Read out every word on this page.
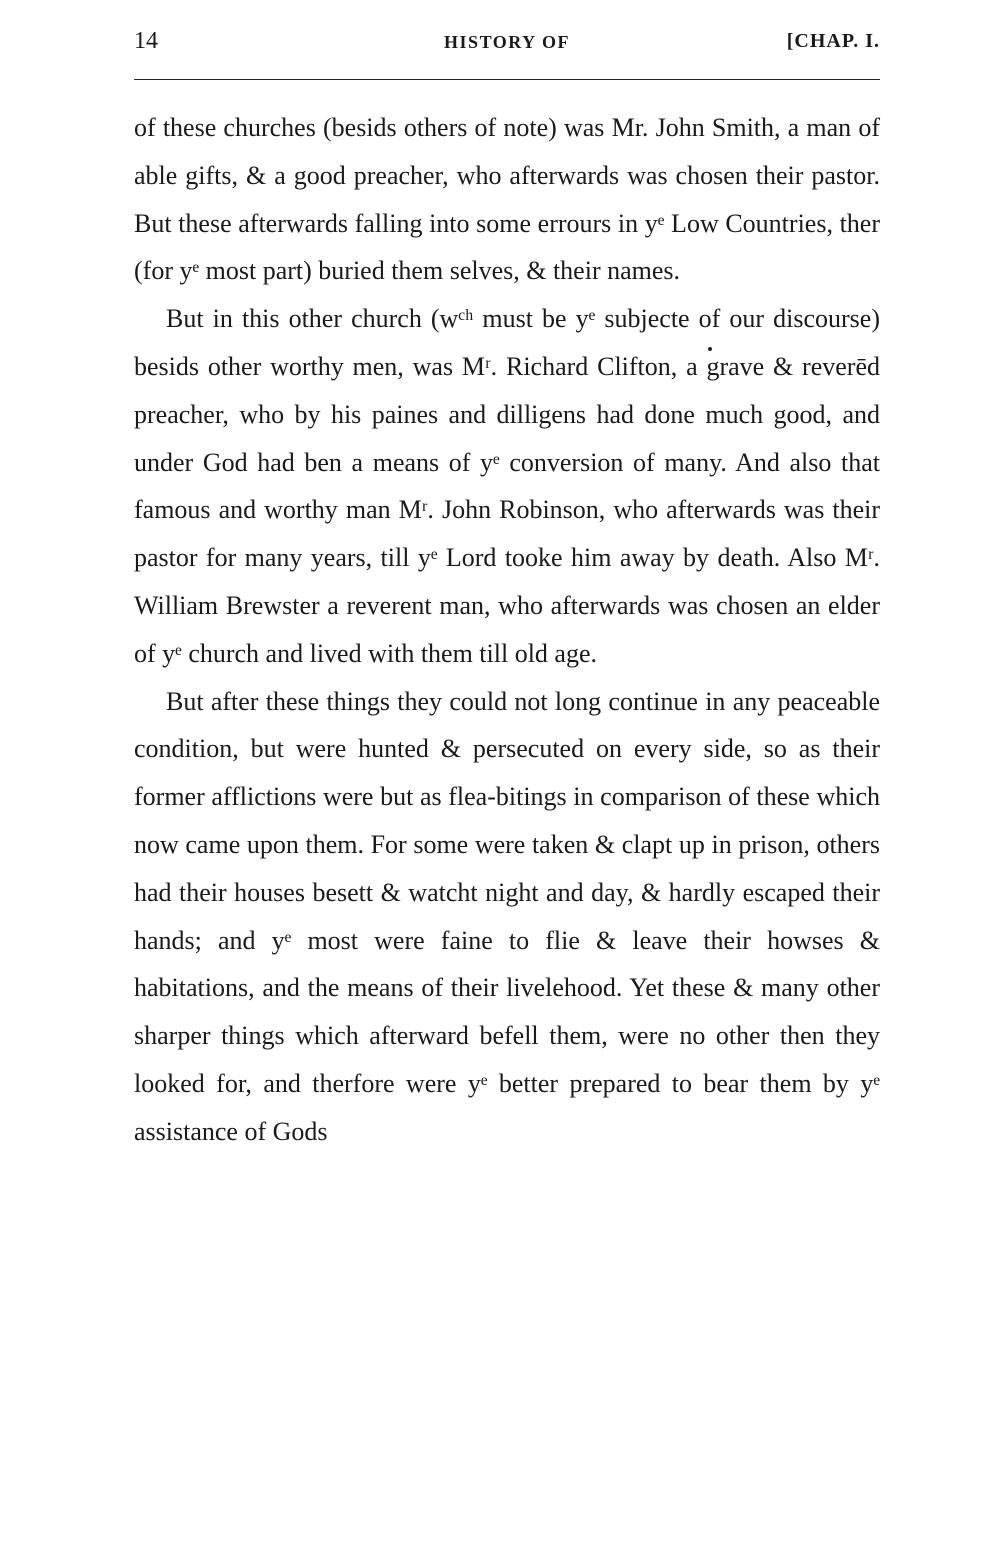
14	HISTORY OF	[CHAP. I.

of these churches (besids others of note) was Mr. John Smith, a man of able gifts, & a good preacher, who afterwards was chosen their pastor. But these afterwards falling into some errours in yᵉ Low Countries, ther (for yᵉ most part) buried them selves, & their names.

But in this other church (wᶜʰ must be yᵉ subjecte of our discourse) besids other worthy men, was Mʳ. Richard Clifton, a grave & reverēd preacher, who by his paines and dilligens had done much good, and under God had ben a means of yᵉ conversion of many. And also that famous and worthy man Mʳ. John Robinson, who afterwards was their pastor for many years, till yᵉ Lord tooke him away by death. Also Mʳ. William Brewster a reverent man, who afterwards was chosen an elder of yᵉ church and lived with them till old age.

But after these things they could not long continue in any peaceable condition, but were hunted & persecuted on every side, so as their former afflictions were but as flea-bitings in comparison of these which now came upon them. For some were taken & clapt up in prison, others had their houses besett & watcht night and day, & hardly escaped their hands; and yᵉ most were faine to flie & leave their howses & habitations, and the means of their livelehood. Yet these & many other sharper things which afterward befell them, were no other then they looked for, and therfore were yᵉ better prepared to bear them by yᵉ assistance of Gods
